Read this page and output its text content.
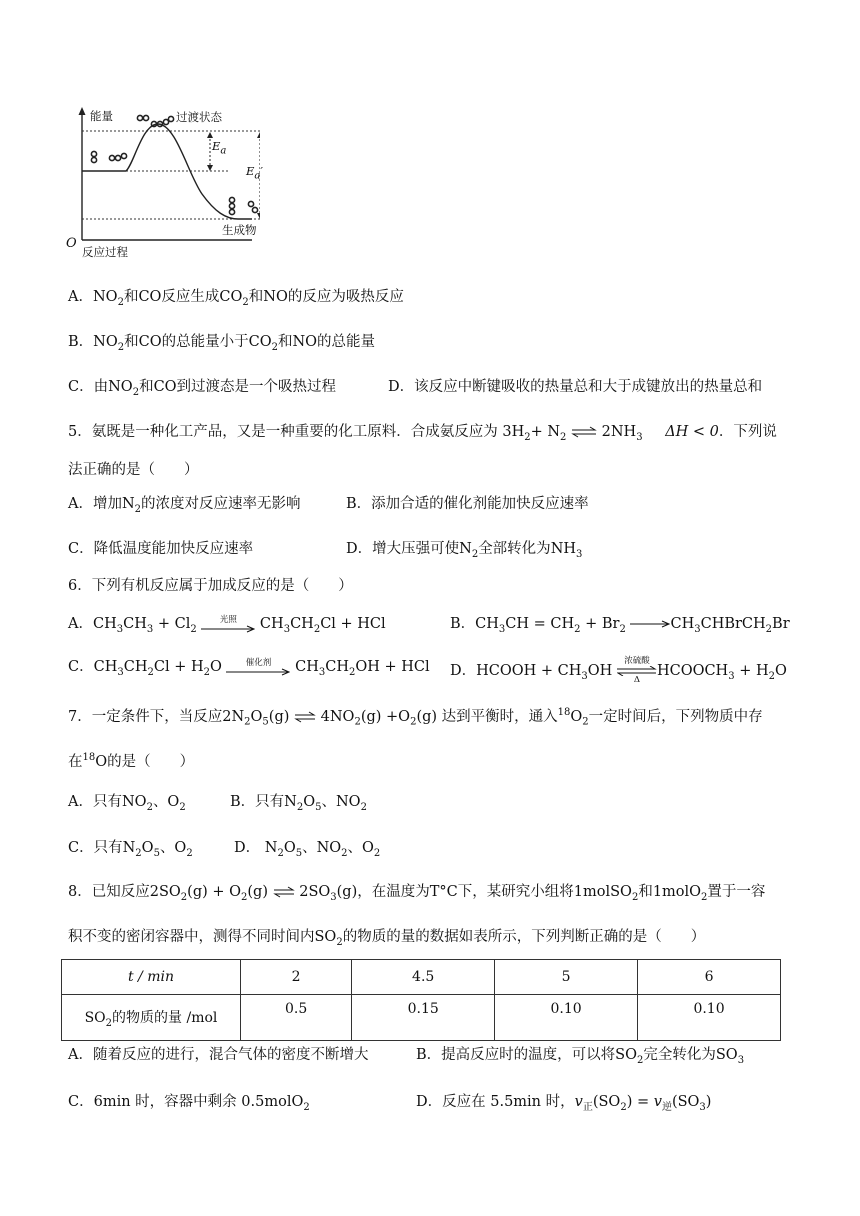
能量	过渡状态
$E_a$
$E_a'$
生成物
O
反应过程
A．$NO_2$和CO反应生成$CO_2$和NO的反应为吸热反应
B．$NO_2$和CO的总能量小于$CO_2$和NO的总能量
C．由$NO_2$和CO到过渡态是一个吸热过程	D．该反应中断键吸收的热量总和大于成键放出的热量总和
5．氨既是一种化工产品，又是一种重要的化工原料．合成氨反应为 $3H_2+ N_2$ ⇌ $2NH_3$ ΔH < 0．下列说
法正确的是（　　）
A．增加$N_2$的浓度对反应速率无影响	B．添加合适的催化剂能加快反应速率
C．降低温度能加快反应速率	D．增大压强可使$N_2$全部转化为$NH_3$
6．下列有机反应属于加成反应的是（　　）
A．$CH_3CH_3 + Cl_2$
光照	$CH_3CH_2Cl$ + HCl	B．$CH_3CH = CH_2 + Br_2$ $\to CH_3CHBrCH_2Br$
C．$CH_3CH_2Cl + H_2O$	催化剂	$CH_3CH_2OH$ + HCl D．HCOOH + $CH_3OH$
浓硫酸
Δ
$HCOOCH_3 + H_2O$
7．一定条件下，当反应$2N_2O_5(g)$ ⇌ $4NO_2(g) +O_2(g)$ 达到平衡时，通入$^{18}O_2$一定时间后，下列物质中存
在$^{18}$O的是（　　）
A．只有$NO_2$、$O_2$	B．只有$N_2O_5$、$NO_2$
C．只有$N_2O_5$、$O_2$	D． $N_2O_5$、$NO_2$、$O_2$
8．已知反应$2SO_2(g) + O_2(g)$ ⇌ $2SO_3(g)$，在温度为T°C下，某研究小组将1molSO$_2$和1molO$_2$置于一容
积不变的密闭容器中，测得不同时间内$SO_2$的物质的量的数据如表所示，下列判断正确的是（　　）
t / min	2	4.5	5	6
$SO_2$的物质的量 /mol	0.5	0.15	0.10	0.10
A．随着反应的进行，混合气体的密度不断增大	B．提高反应时的温度，可以将$SO_2$完全转化为$SO_3$
C．6min 时，容器中剩余 0.5molO$_2$	D．反应在 5.5min 时，$v_正(SO_2) = v_逆(SO_3)$
